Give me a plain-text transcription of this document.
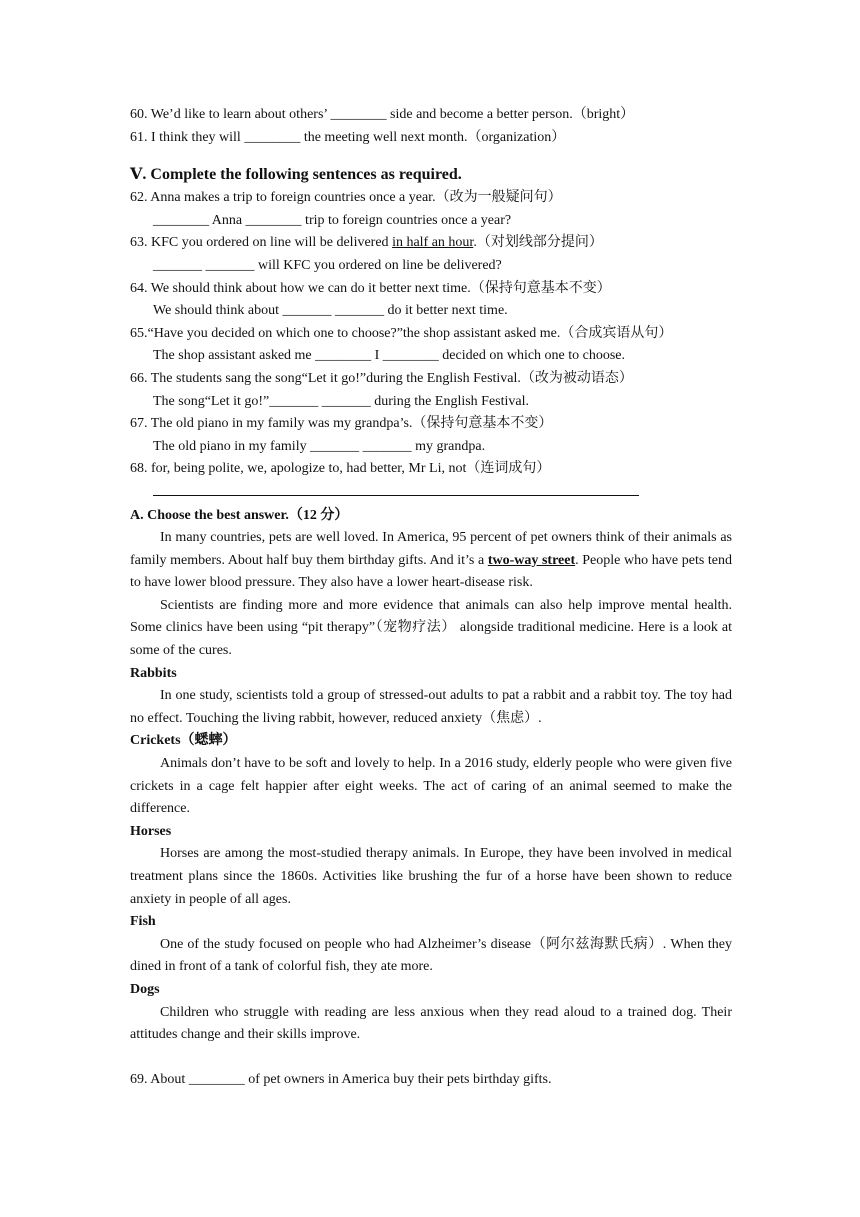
60. We’d like to learn about others’ ________ side and become a better person.（bright）
61. I think they will ________ the meeting well next month.（organization）
Ⅴ. Complete the following sentences as required.
62. Anna makes a trip to foreign countries once a year.（改为一般疑问句）
________ Anna ________ trip to foreign countries once a year?
63. KFC you ordered on line will be delivered in half an hour.（对划线部分提问）
_______ _______ will KFC you ordered on line be delivered?
64. We should think about how we can do it better next time.（保持句意基本不变）
We should think about _______ _______ do it better next time.
65.“Have you decided on which one to choose?”the shop assistant asked me.（合成宾语从句）
The shop assistant asked me ________ I ________ decided on which one to choose.
66. The students sang the song“Let it go!”during the English Festival.（改为被动语态）
The song“Let it go!”_______ _______ during the English Festival.
67. The old piano in my family was my grandpa’s.（保持句意基本不变）
The old piano in my family _______ _______ my grandpa.
68. for, being polite, we, apologize to, had better, Mr Li, not（连词成句）
A. Choose the best answer.（12 分）
In many countries, pets are well loved. In America, 95 percent of pet owners think of their animals as family members. About half buy them birthday gifts. And it’s a two-way street. People who have pets tend to have lower blood pressure. They also have a lower heart-disease risk.
Scientists are finding more and more evidence that animals can also help improve mental health. Some clinics have been using “pit therapy”（宠物疗法） alongside traditional medicine. Here is a look at some of the cures.
Rabbits
In one study, scientists told a group of stressed-out adults to pat a rabbit and a rabbit toy. The toy had no effect. Touching the living rabbit, however, reduced anxiety（焦虑）.
Crickets（蟋蟀）
Animals don’t have to be soft and lovely to help. In a 2016 study, elderly people who were given five crickets in a cage felt happier after eight weeks. The act of caring of an animal seemed to make the difference.
Horses
Horses are among the most-studied therapy animals. In Europe, they have been involved in medical treatment plans since the 1860s. Activities like brushing the fur of a horse have been shown to reduce anxiety in people of all ages.
Fish
One of the study focused on people who had Alzheimer’s disease（阿尔兹海默氏病）. When they dined in front of a tank of colorful fish, they ate more.
Dogs
Children who struggle with reading are less anxious when they read aloud to a trained dog. Their attitudes change and their skills improve.
69. About ________ of pet owners in America buy their pets birthday gifts.
